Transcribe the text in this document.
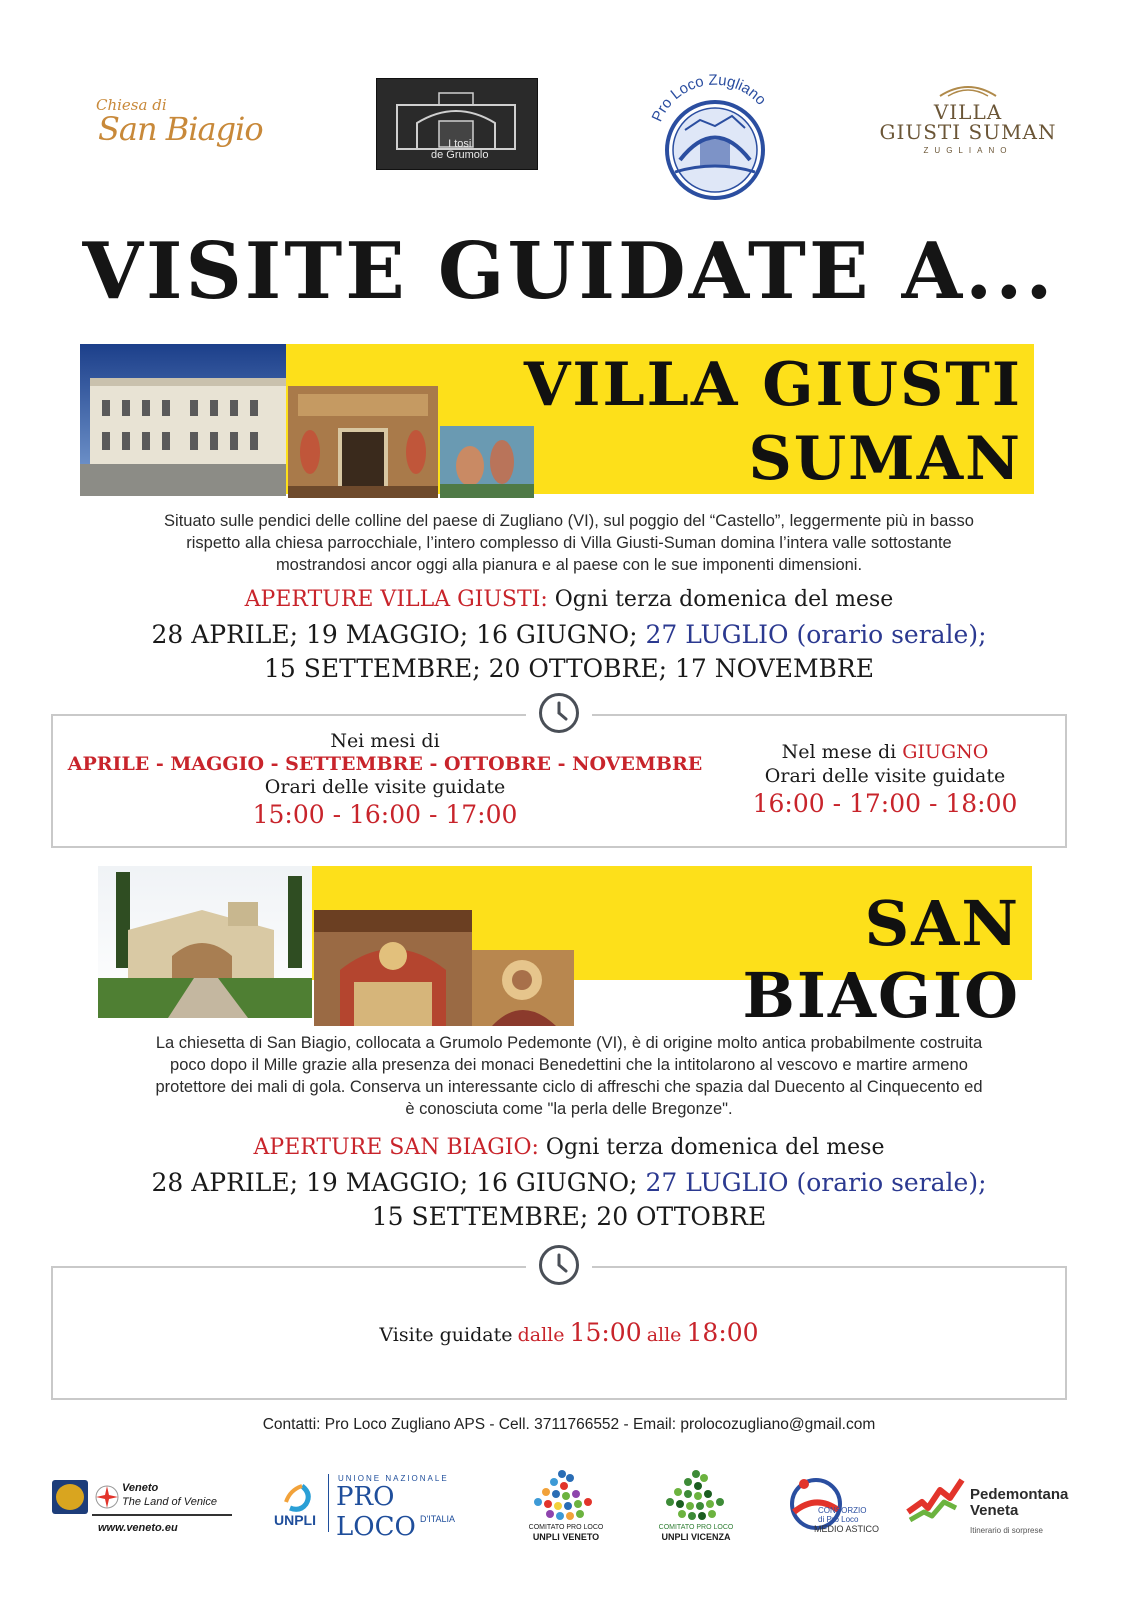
Chiesa di
San Biagio	I tosi
de Grumolo
Pro Loco Zugliano
VILLA
GIUSTI SUMAN
ZUGLIANO
VISITE GUIDATE A...
VILLA GIUSTI
SUMAN
Situato sulle pendici delle colline del paese di Zugliano (VI), sul poggio del “Castello”, leggermente più in basso
rispetto alla chiesa parrocchiale, l’intero complesso di Villa Giusti-Suman domina l’intera valle sottostante
mostrandosi ancor oggi alla pianura e al paese con le sue imponenti dimensioni.
APERTURE VILLA GIUSTI: Ogni terza domenica del mese
28 APRILE; 19 MAGGIO; 16 GIUGNO; 27 LUGLIO (orario serale);
15 SETTEMBRE; 20 OTTOBRE; 17 NOVEMBRE
Nei mesi di
APRILE - MAGGIO - SETTEMBRE - OTTOBRE - NOVEMBRE
Orari delle visite guidate
15:00 - 16:00 - 17:00
Nel mese di GIUGNO
Orari delle visite guidate
16:00 - 17:00 - 18:00
SAN BIAGIO
La chiesetta di San Biagio, collocata a Grumolo Pedemonte (VI), è di origine molto antica probabilmente costruita
poco dopo il Mille grazie alla presenza dei monaci Benedettini che la intitolarono al vescovo e martire armeno
protettore dei mali di gola. Conserva un interessante ciclo di affreschi che spazia dal Duecento al Cinquecento ed
è conosciuta come "la perla delle Bregonze".
APERTURE SAN BIAGIO: Ogni terza domenica del mese
28 APRILE; 19 MAGGIO; 16 GIUGNO; 27 LUGLIO (orario serale);
15 SETTEMBRE; 20 OTTOBRE
Visite guidate dalle 15:00 alle 18:00
Contatti: Pro Loco Zugliano APS - Cell. 3711766552 - Email: prolocozugliano@gmail.com
Veneto
The Land of Venice
www.veneto.eu	UNPLI
UNIONE NAZIONALE
PRO LOCO D'ITALIA
COMITATO PRO LOCO
UNPLI VENETO
COMITATO PRO LOCO
UNPLI VICENZA
CONSORZIO
di Pro Loco
MEDIO ASTICO
Pedemontana
Veneta
Itinerario di sorprese
